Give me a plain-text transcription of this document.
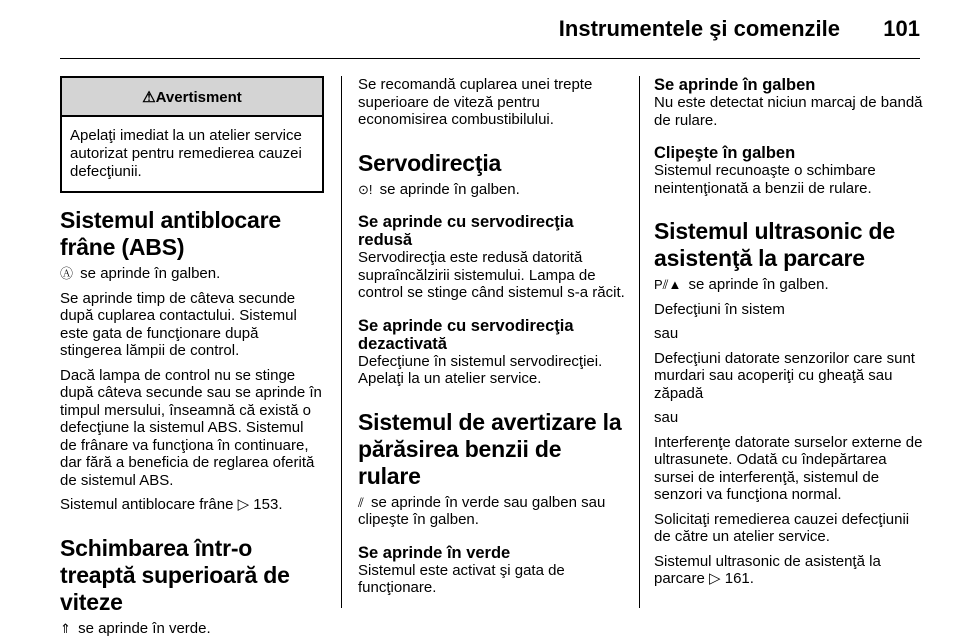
Instrumentele şi comenzile 101
⚠Avertisment
Apelaţi imediat la un atelier service autorizat pentru remedierea cauzei defecţiunii.
Sistemul antiblocare frâne (ABS)

Ⓐ se aprinde în galben.

Se aprinde timp de câteva secunde după cuplarea contactului. Sistemul este gata de funcţionare după stingerea lămpii de control.

Dacă lampa de control nu se stinge după câteva secunde sau se aprinde în timpul mersului, înseamnă că există o defecţiune la sistemul ABS. Sistemul de frânare va funcţiona în continuare, dar fără a beneficia de reglarea oferită de sistemul ABS.

Sistemul antiblocare frâne ▷ 153.

Schimbarea într-o treaptă superioară de viteze

⇑ se aprinde în verde.

Se recomandă cuplarea unei trepte superioare de viteză pentru economisirea combustibilului.

Servodirecţia

⊙! se aprinde în galben.

Se aprinde cu servodirecţia redusă

Servodirecţia este redusă datorită supraîncălzirii sistemului. Lampa de control se stinge când sistemul s-a răcit.

Se aprinde cu servodirecţia dezactivată

Defecţiune în sistemul servodirecţiei. Apelaţi la un atelier service.

Sistemul de avertizare la părăsirea benzii de rulare

⫽ se aprinde în verde sau galben sau clipeşte în galben.

Se aprinde în verde

Sistemul este activat şi gata de funcţionare.

Se aprinde în galben

Nu este detectat niciun marcaj de bandă de rulare.

Clipeşte în galben

Sistemul recunoaşte o schimbare neintenţionată a benzii de rulare.

Sistemul ultrasonic de asistenţă la parcare

P⫽▲ se aprinde în galben.

Defecţiuni în sistem

sau

Defecţiuni datorate senzorilor care sunt murdari sau acoperiţi cu gheaţă sau zăpadă

sau

Interferenţe datorate surselor externe de ultrasunete. Odată cu îndepărtarea sursei de interferenţă, sistemul de senzori va funcţiona normal.

Solicitaţi remedierea cauzei defecţiunii de către un atelier service.

Sistemul ultrasonic de asistenţă la parcare ▷ 161.
